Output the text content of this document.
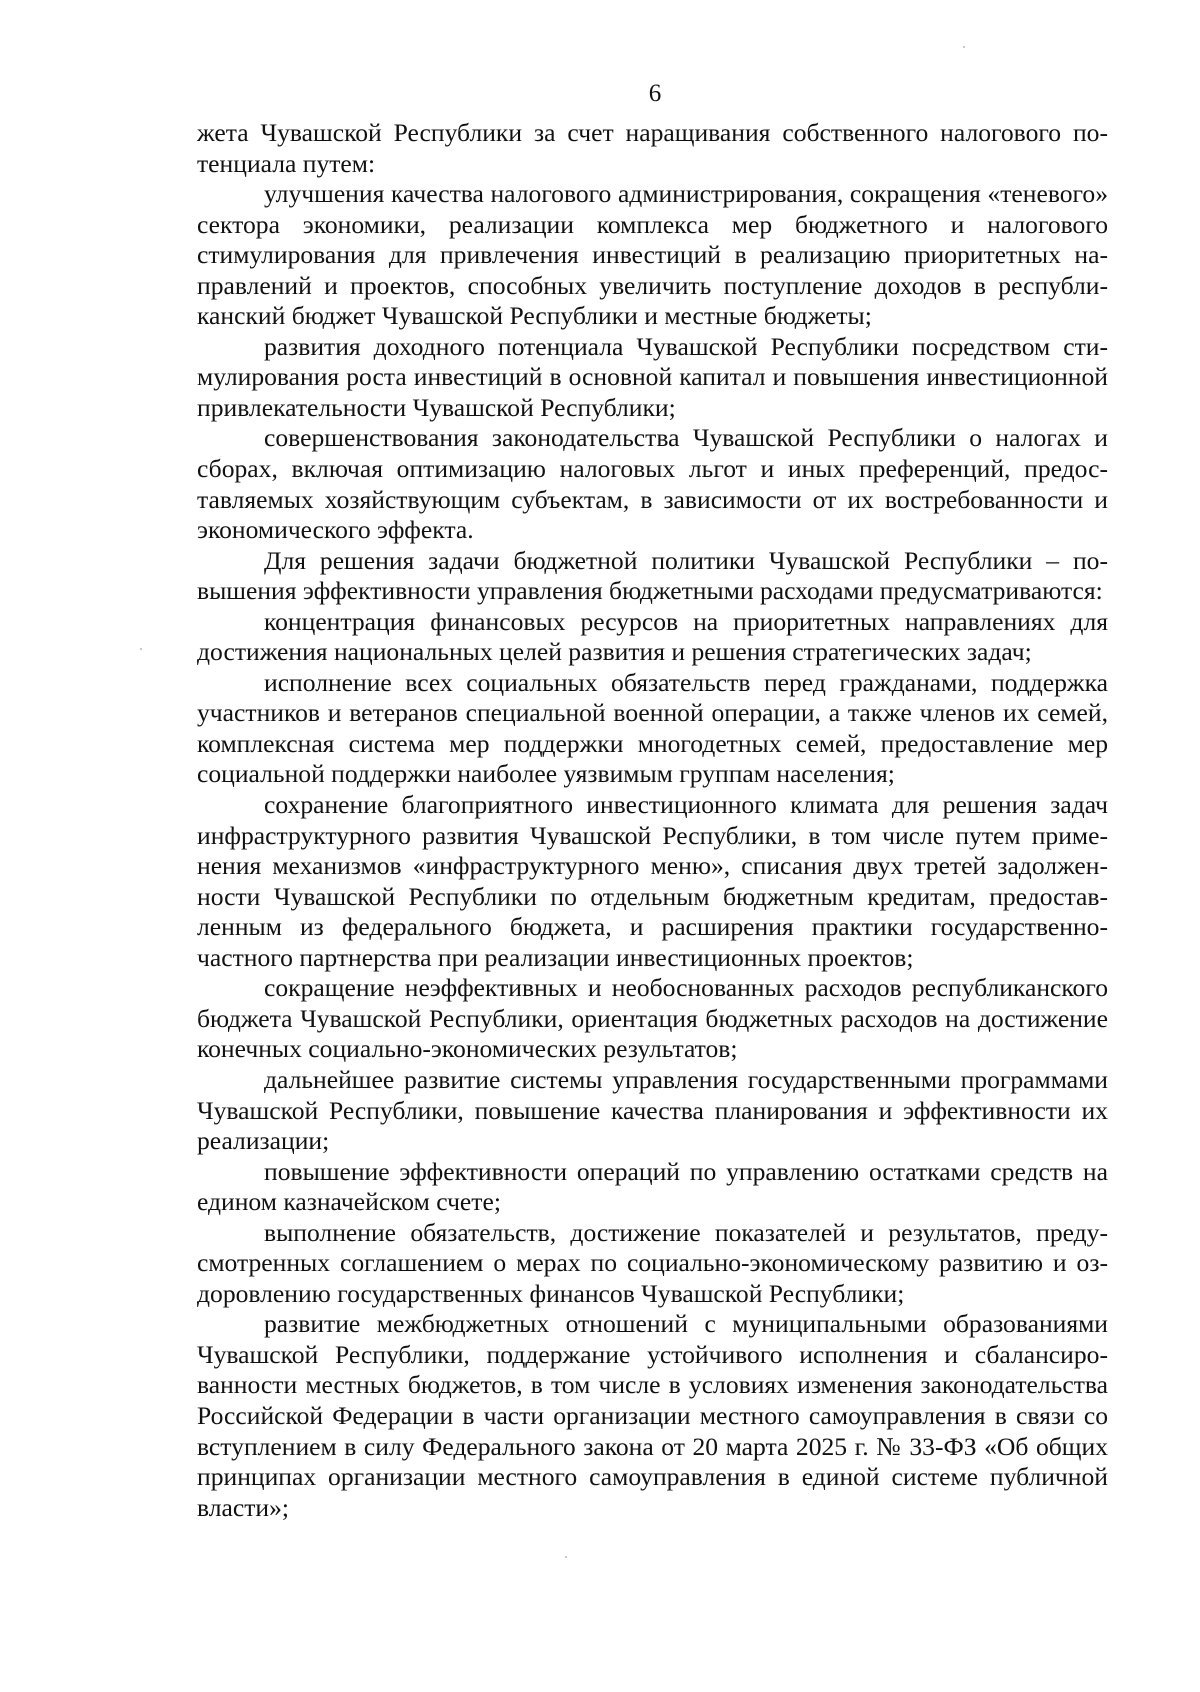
6

жета Чувашской Республики за счет наращивания собственного налогового потенциала путем:

улучшения качества налогового администрирования, сокращения «теневого» сектора экономики, реализации комплекса мер бюджетного и налогового стимулирования для привлечения инвестиций в реализацию приоритетных направлений и проектов, способных увеличить поступление доходов в республиканский бюджет Чувашской Республики и местные бюджеты;

развития доходного потенциала Чувашской Республики посредством стимулирования роста инвестиций в основной капитал и повышения инвестиционной привлекательности Чувашской Республики;

совершенствования законодательства Чувашской Республики о налогах и сборах, включая оптимизацию налоговых льгот и иных преференций, предоставляемых хозяйствующим субъектам, в зависимости от их востребованности и экономического эффекта.

Для решения задачи бюджетной политики Чувашской Республики – повышения эффективности управления бюджетными расходами предусматриваются:

концентрация финансовых ресурсов на приоритетных направлениях для достижения национальных целей развития и решения стратегических задач;

исполнение всех социальных обязательств перед гражданами, поддержка участников и ветеранов специальной военной операции, а также членов их семей, комплексная система мер поддержки многодетных семей, предоставление мер социальной поддержки наиболее уязвимым группам населения;

сохранение благоприятного инвестиционного климата для решения задач инфраструктурного развития Чувашской Республики, в том числе путем применения механизмов «инфраструктурного меню», списания двух третей задолженности Чувашской Республики по отдельным бюджетным кредитам, предоставленным из федерального бюджета, и расширения практики государственно-частного партнерства при реализации инвестиционных проектов;

сокращение неэффективных и необоснованных расходов республиканского бюджета Чувашской Республики, ориентация бюджетных расходов на достижение конечных социально-экономических результатов;

дальнейшее развитие системы управления государственными программами Чувашской Республики, повышение качества планирования и эффективности их реализации;

повышение эффективности операций по управлению остатками средств на едином казначейском счете;

выполнение обязательств, достижение показателей и результатов, предусмотренных соглашением о мерах по социально-экономическому развитию и оздоровлению государственных финансов Чувашской Республики;

развитие межбюджетных отношений с муниципальными образованиями Чувашской Республики, поддержание устойчивого исполнения и сбалансированности местных бюджетов, в том числе в условиях изменения законодательства Российской Федерации в части организации местного самоуправления в связи со вступлением в силу Федерального закона от 20 марта 2025 г. № 33-ФЗ «Об общих принципах организации местного самоуправления в единой системе публичной власти»;
